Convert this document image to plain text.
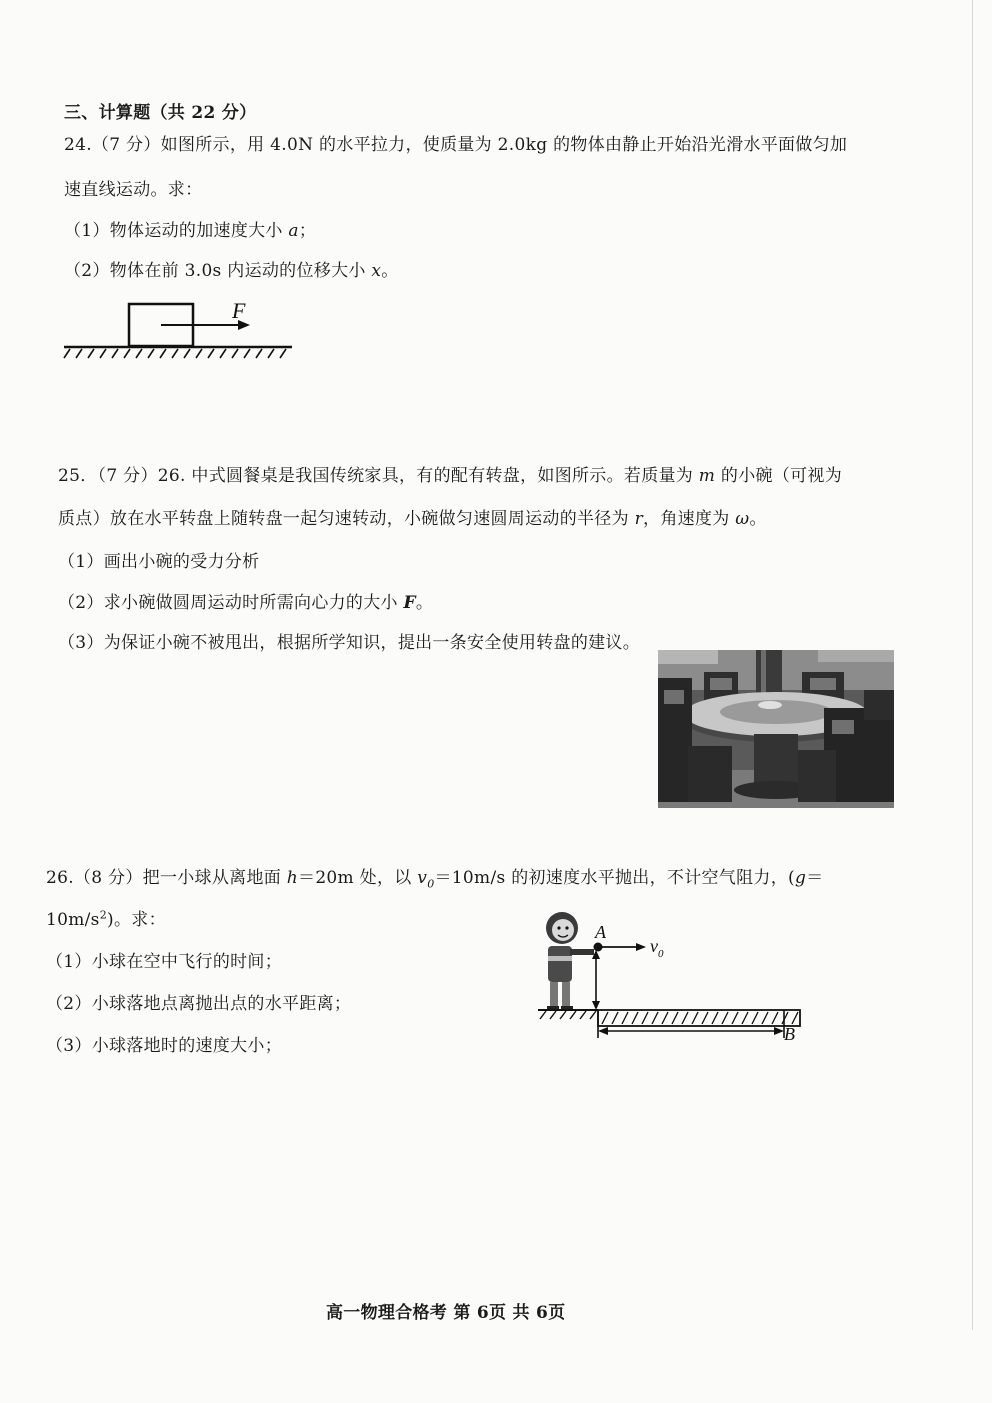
三、计算题（共 22 分）
24.（7 分）如图所示，用 4.0N 的水平拉力，使质量为 2.0kg 的物体由静止开始沿光滑水平面做匀加
速直线运动。求：
（1）物体运动的加速度大小 a；
（2）物体在前 3.0s 内运动的位移大小 x。
F
25．（7 分）26. 中式圆餐桌是我国传统家具，有的配有转盘，如图所示。若质量为 m 的小碗（可视为
质点）放在水平转盘上随转盘一起匀速转动，小碗做匀速圆周运动的半径为 r，角速度为 ω。
（1）画出小碗的受力分析
（2）求小碗做圆周运动时所需向心力的大小 F。
（3）为保证小碗不被甩出，根据所学知识，提出一条安全使用转盘的建议。
26.（8 分）把一小球从离地面 h＝20m 处，以 $v_0=10m/s$ 的初速度水平抛出，不计空气阻力，(g＝
$10m/s^2$)。求：
（1）小球在空中飞行的时间；
（2）小球落地点离抛出点的水平距离；
（3）小球落地时的速度大小；
A
$v_0$
B
高一物理合格考 第 6页 共 6页
